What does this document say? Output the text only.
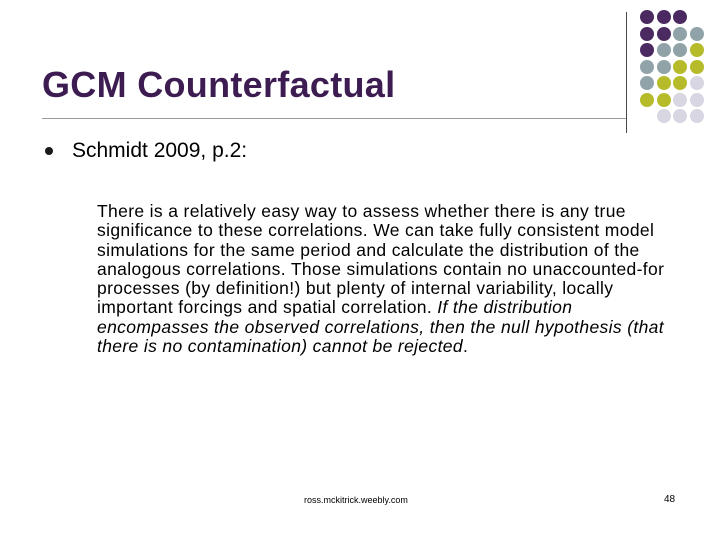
GCM Counterfactual
Schmidt 2009, p.2:
There is a relatively easy way to assess whether there is any true significance to these correlations. We can take fully consistent model simulations for the same period and calculate the distribution of the analogous correlations. Those simulations contain no unaccounted-for processes (by definition!) but plenty of internal variability, locally important forcings and spatial correlation. If the distribution encompasses the observed correlations, then the null hypothesis (that there is no contamination) cannot be rejected.
ross.mckitrick.weebly.com	48
